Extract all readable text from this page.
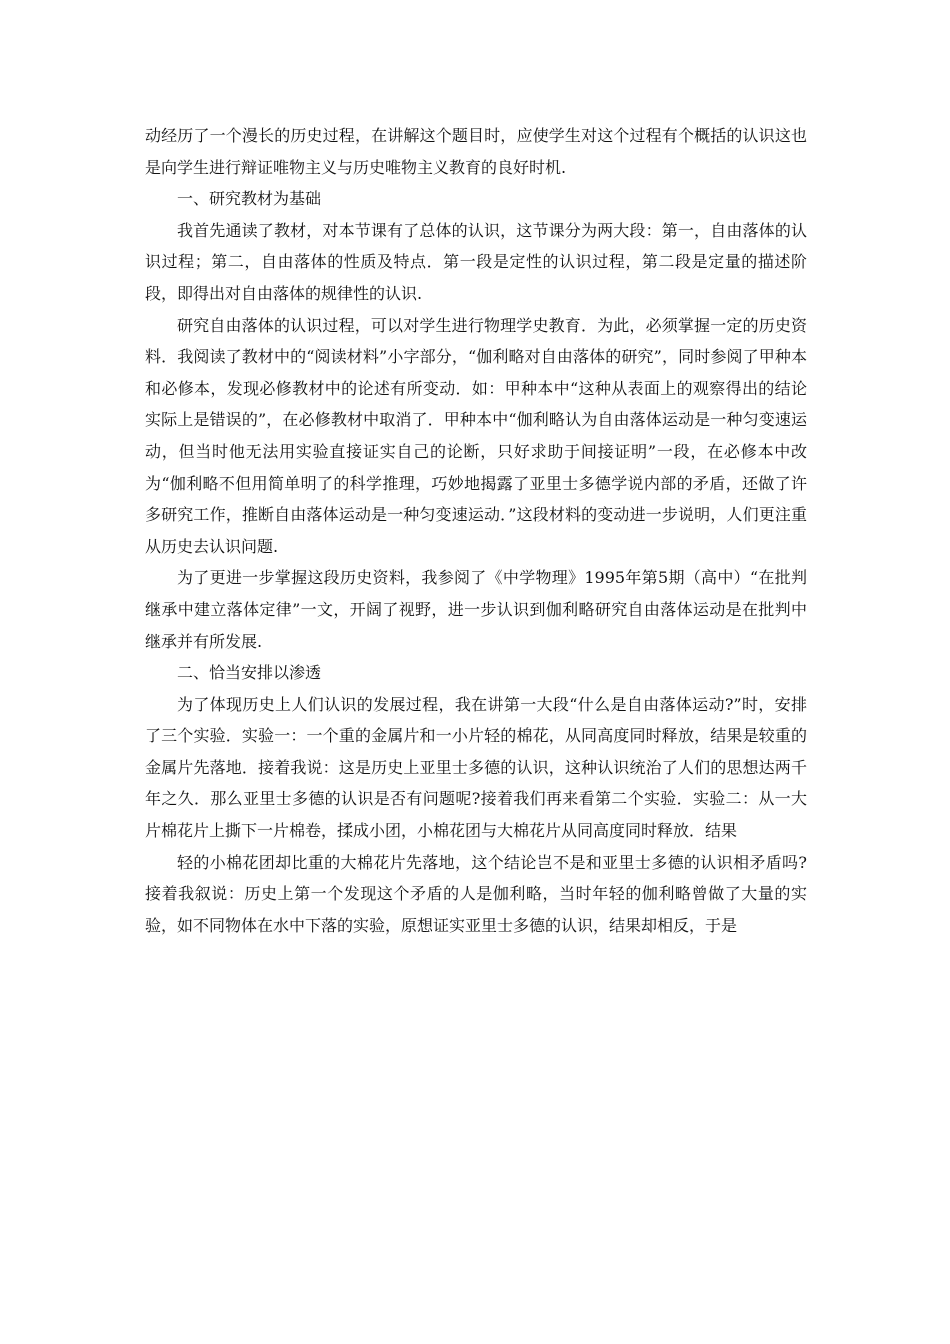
动经历了一个漫长的历史过程，在讲解这个题目时，应使学生对这个过程有个概括的认识这也是向学生进行辩证唯物主义与历史唯物主义教育的良好时机.

一、研究教材为基础

我首先通读了教材，对本节课有了总体的认识，这节课分为两大段：第一，自由落体的认识过程；第二，自由落体的性质及特点．第一段是定性的认识过程，第二段是定量的描述阶段，即得出对自由落体的规律性的认识.

研究自由落体的认识过程，可以对学生进行物理学史教育．为此，必须掌握一定的历史资料．我阅读了教材中的“阅读材料”小字部分，“伽利略对自由落体的研究”，同时参阅了甲种本和必修本，发现必修教材中的论述有所变动．如：甲种本中“这种从表面上的观察得出的结论实际上是错误的”，在必修教材中取消了．甲种本中“伽利略认为自由落体运动是一种匀变速运动，但当时他无法用实验直接证实自己的论断，只好求助于间接证明”一段，在必修本中改为“伽利略不但用简单明了的科学推理，巧妙地揭露了亚里士多德学说内部的矛盾，还做了许多研究工作，推断自由落体运动是一种匀变速运动．”这段材料的变动进一步说明，人们更注重从历史去认识问题.

为了更进一步掌握这段历史资料，我参阅了《中学物理》1995年第5期（高中）“在批判继承中建立落体定律”一文，开阔了视野，进一步认识到伽利略研究自由落体运动是在批判中继承并有所发展.

二、恰当安排以渗透

为了体现历史上人们认识的发展过程，我在讲第一大段“什么是自由落体运动?”时，安排了三个实验．实验一：一个重的金属片和一小片轻的棉花，从同高度同时释放，结果是较重的金属片先落地．接着我说：这是历史上亚里士多德的认识，这种认识统治了人们的思想达两千年之久．那么亚里士多德的认识是否有问题呢?接着我们再来看第二个实验．实验二：从一大片棉花片上撕下一片棉卷，揉成小团，小棉花团与大棉花片从同高度同时释放．结果

轻的小棉花团却比重的大棉花片先落地，这个结论岂不是和亚里士多德的认识相矛盾吗?接着我叙说：历史上第一个发现这个矛盾的人是伽利略，当时年轻的伽利略曾做了大量的实验，如不同物体在水中下落的实验，原想证实亚里士多德的认识，结果却相反，于是
